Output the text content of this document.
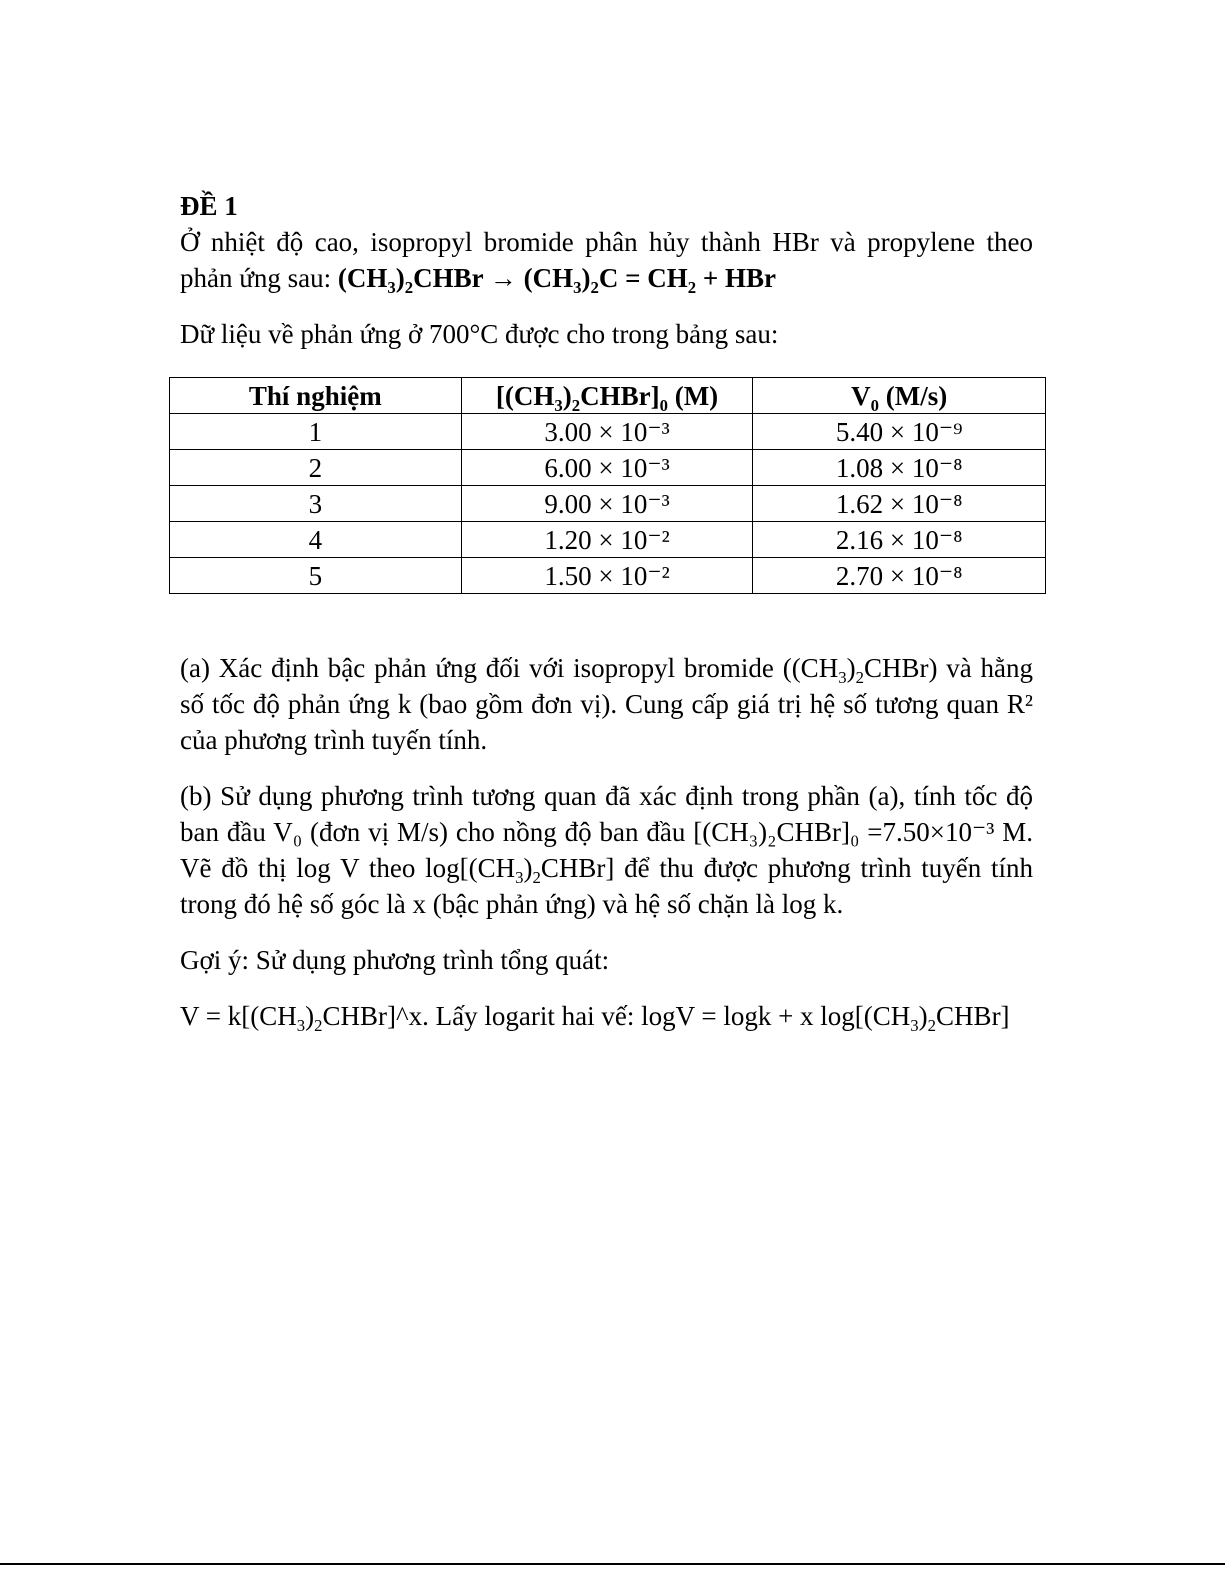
ĐỀ 1

Ở nhiệt độ cao, isopropyl bromide phân hủy thành HBr và propylene theo phản ứng sau: $(CH_3)_2CHBr \to (CH_3)_2C = CH_2$ + HBr

Dữ liệu về phản ứng ở 700°C được cho trong bảng sau:

Thí nghiệm	$[(CH_3)_2CHBr]_0$ (M)	$V_0$ (M/s)
1	3.00 × 10⁻³	5.40 × 10⁻⁹
2	6.00 × 10⁻³	1.08 × 10⁻⁸
3	9.00 × 10⁻³	1.62 × 10⁻⁸
4	1.20 × 10⁻²	2.16 × 10⁻⁸
5	1.50 × 10⁻²	2.70 × 10⁻⁸

(a) Xác định bậc phản ứng đối với isopropyl bromide $((CH_3)_2CHBr)$ và hằng số tốc độ phản ứng k (bao gồm đơn vị). Cung cấp giá trị hệ số tương quan R² của phương trình tuyến tính.

(b) Sử dụng phương trình tương quan đã xác định trong phần (a), tính tốc độ ban đầu V₀ (đơn vị M/s) cho nồng độ ban đầu [(CH₃)₂CHBr]₀ =7.50×10⁻³ M. Vẽ đồ thị log V theo $\log[(CH_3)_2CHBr]$ để thu được phương trình tuyến tính trong đó hệ số góc là x (bậc phản ứng) và hệ số chặn là log k.

Gợi ý: Sử dụng phương trình tổng quát:

$V = k[(CH_3)_2CHBr]\^{}x$. Lấy logarit hai vế: logV = logk + x $\log[(CH_3)_2CHBr]$
